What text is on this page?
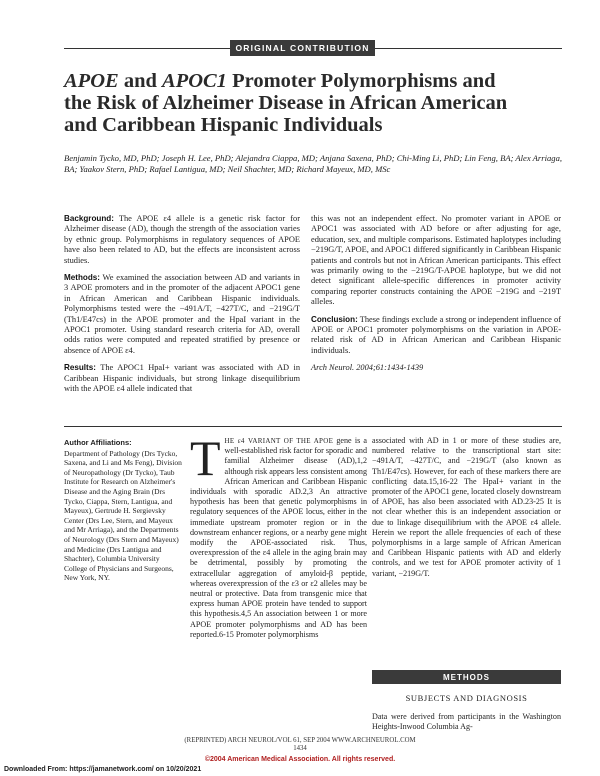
ORIGINAL CONTRIBUTION
APOE and APOC1 Promoter Polymorphisms and
the Risk of Alzheimer Disease in African American
and Caribbean Hispanic Individuals
Benjamin Tycko, MD, PhD; Joseph H. Lee, PhD; Alejandra Ciappa, MD; Anjana Saxena, PhD; Chi-Ming Li, PhD; Lin Feng, BA; Alex Arriaga, BA; Yaakov Stern, PhD; Rafael Lantigua, MD; Neil Shachter, MD; Richard Mayeux, MD, MSc

Background: The APOE ε4 allele is a genetic risk factor for Alzheimer disease (AD), though the strength of the association varies by ethnic group. Polymorphisms in regulatory sequences of APOE have also been related to AD, but the effects are inconsistent across studies.

Methods: We examined the association between AD and variants in 3 APOE promoters and in the promoter of the adjacent APOC1 gene in African American and Caribbean Hispanic individuals. Polymorphisms tested were the −491A/T, −427T/C, and −219G/T (Th1/E47cs) in the APOE promoter and the HpaI variant in the APOC1 promoter. Using standard research criteria for AD, overall odds ratios were computed and repeated stratified by presence or absence of APOE ε4.

Results: The APOC1 HpaI+ variant was associated with AD in Caribbean Hispanic individuals, but strong linkage disequilibrium with the APOE ε4 allele indicated that

this was not an independent effect. No promoter variant in APOE or APOC1 was associated with AD before or after adjusting for age, education, sex, and multiple comparisons. Estimated haplotypes including −219G/T, APOE, and APOC1 differed significantly in Caribbean Hispanic patients and controls but not in African American participants. This effect was primarily owing to the −219G/T-APOE haplotype, but we did not detect significant allele-specific differences in promoter activity comparing reporter constructs containing the APOE −219G and −219T alleles.

Conclusion: These findings exclude a strong or independent influence of APOE or APOC1 promoter polymorphisms on the variation in APOE-related risk of AD in African American and Caribbean Hispanic individuals.

Arch Neurol. 2004;61:1434-1439

Author Affiliations:
Department of Pathology (Drs Tycko, Saxena, and Li and Ms Feng), Division of Neuropathology (Dr Tycko), Taub Institute for Research on Alzheimer's Disease and the Aging Brain (Drs Tycko, Ciappa, Stern, Lantigua, and Mayeux), Gertrude H. Sergievsky Center (Drs Lee, Stern, and Mayeux and Mr Arriaga), and the Departments of Neurology (Drs Stern and Mayeux) and Medicine (Drs Lantigua and Shachter), Columbia University College of Physicians and Surgeons, New York, NY.
THE ε4 VARIANT OF THE APOE gene is a well-established risk factor for sporadic and familial Alzheimer disease (AD),1,2 although risk appears less consistent among African American and Caribbean Hispanic individuals with sporadic AD.2,3 An attractive hypothesis has been that genetic polymorphisms in regulatory sequences of the APOE locus, either in the immediate upstream promoter region or in the downstream enhancer regions, or a nearby gene might modify the APOE-associated risk. Thus, overexpression of the ε4 allele in the aging brain may be detrimental, possibly by promoting the extracellular aggregation of amyloid-β peptide, whereas overexpression of the ε3 or ε2 alleles may be neutral or protective. Data from transgenic mice that express human APOE protein have tended to support this hypothesis.4,5 An association between 1 or more APOE promoter polymorphisms and AD has been reported.6-15 Promoter polymorphisms
associated with AD in 1 or more of these studies are, numbered relative to the transcriptional start site: −491A/T, −427T/C, and −219G/T (also known as Th1/E47cs). However, for each of these markers there are conflicting data.15,16-22 The HpaI+ variant in the promoter of the APOC1 gene, located closely downstream of APOE, has also been associated with AD.23-25 It is not clear whether this is an independent association or due to linkage disequilibrium with the APOE ε4 allele. Herein we report the allele frequencies of each of these polymorphisms in a large sample of African American and Caribbean Hispanic patients with AD and elderly controls, and we test for APOE promoter activity of 1 variant, −219G/T.
METHODS
SUBJECTS AND DIAGNOSIS
Data were derived from participants in the Washington Heights-Inwood Columbia Ag-
(REPRINTED) ARCH NEUROL/VOL 61, SEP 2004 WWW.ARCHNEUROL.COM
1434
©2004 American Medical Association. All rights reserved.
Downloaded From: https://jamanetwork.com/ on 10/20/2021
